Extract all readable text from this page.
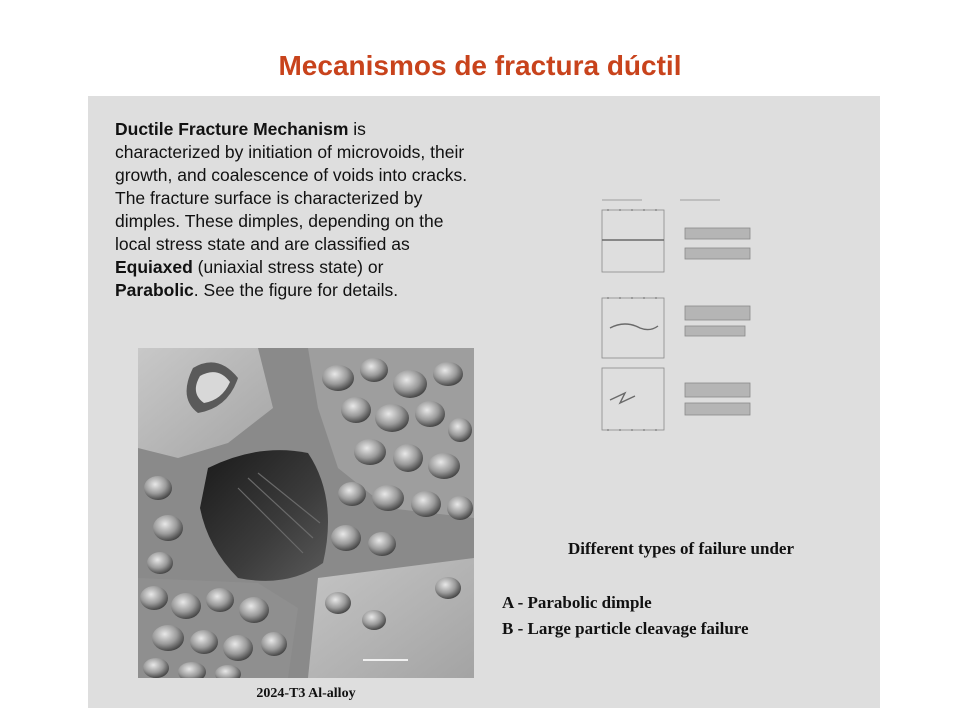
Mecanismos de fractura dúctil
Ductile Fracture Mechanism is characterized by initiation of microvoids, their growth, and coalescence of voids into cracks. The fracture surface is characterized by dimples. These dimples, depending on the local stress state and are classified as Equiaxed (uniaxial stress state) or Parabolic. See the figure for details.
2024-T3 Al-alloy
Different types of failure under
A - Parabolic dimple
B - Large particle cleavage failure
